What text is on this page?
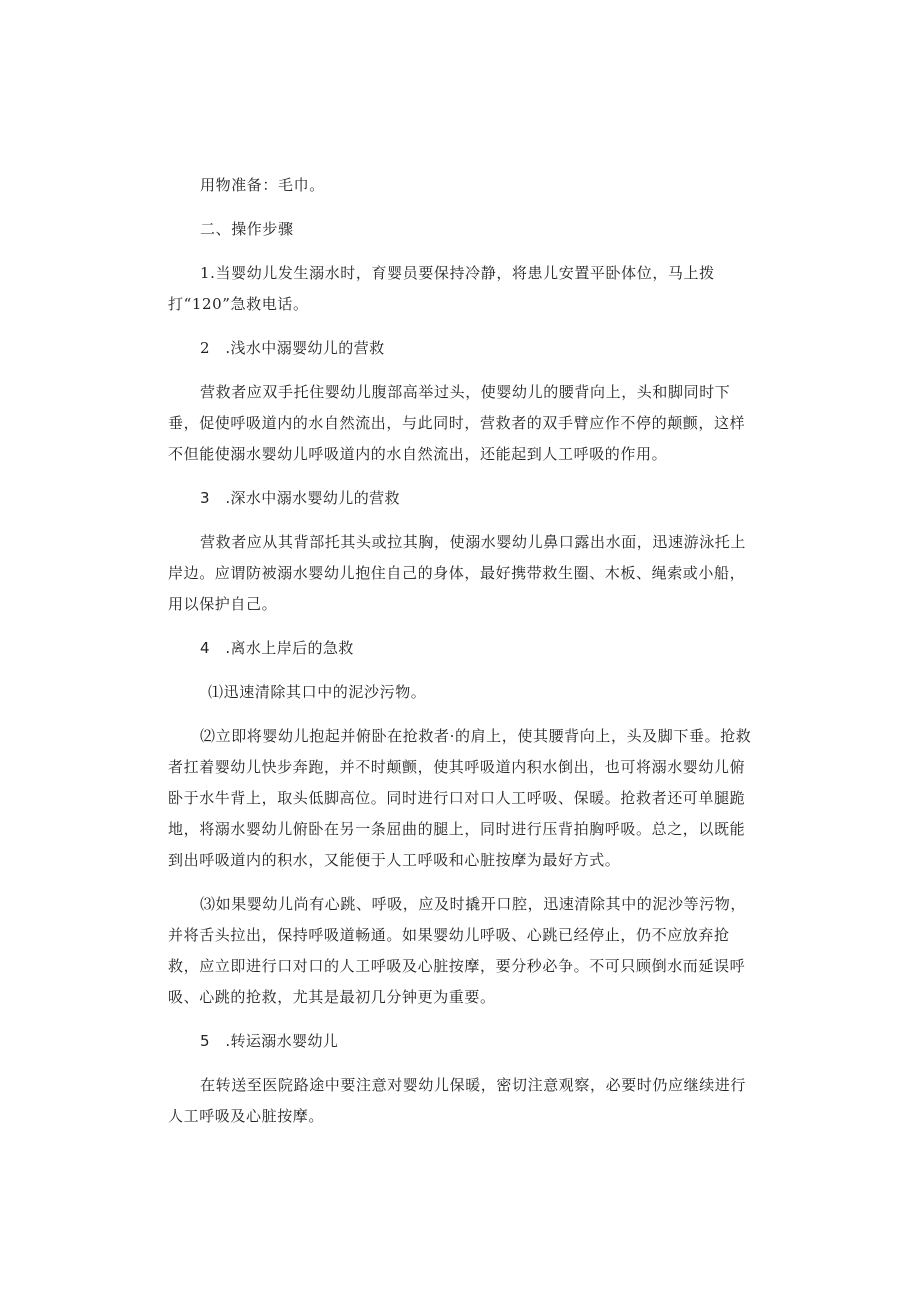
用物准备：毛巾。

二、操作步骤

1.当婴幼儿发生溺水时，育婴员要保持冷静，将患儿安置平卧体位，马上拨打“120”急救电话。

2　.浅水中溺婴幼儿的营救

营救者应双手托住婴幼儿腹部高举过头，使婴幼儿的腰背向上，头和脚同时下垂，促使呼吸道内的水自然流出，与此同时，营救者的双手臂应作不停的颠颤，这样不但能使溺水婴幼儿呼吸道内的水自然流出，还能起到人工呼吸的作用。

3　.深水中溺水婴幼儿的营救

营救者应从其背部托其头或拉其胸，使溺水婴幼儿鼻口露出水面，迅速游泳托上岸边。应谓防被溺水婴幼儿抱住自己的身体，最好携带救生圈、木板、绳索或小船，用以保护自己。

4　.离水上岸后的急救

⑴迅速清除其口中的泥沙污物。

⑵立即将婴幼儿抱起并俯卧在抢救者·的肩上，使其腰背向上，头及脚下垂。抢救者扛着婴幼儿快步奔跑，并不时颠颤，使其呼吸道内积水倒出，也可将溺水婴幼儿俯卧于水牛背上，取头低脚高位。同时进行口对口人工呼吸、保暖。抢救者还可单腿跪地，将溺水婴幼儿俯卧在另一条屈曲的腿上，同时进行压背拍胸呼吸。总之，以既能到出呼吸道内的积水，又能便于人工呼吸和心脏按摩为最好方式。

⑶如果婴幼儿尚有心跳、呼吸，应及时撬开口腔，迅速清除其中的泥沙等污物，并将舌头拉出，保持呼吸道畅通。如果婴幼儿呼吸、心跳已经停止，仍不应放弃抢救，应立即进行口对口的人工呼吸及心脏按摩，要分秒必争。不可只顾倒水而延误呼吸、心跳的抢救，尤其是最初几分钟更为重要。

5　.转运溺水婴幼儿

在转送至医院路途中要注意对婴幼儿保暖，密切注意观察，必要时仍应继续进行人工呼吸及心脏按摩。
